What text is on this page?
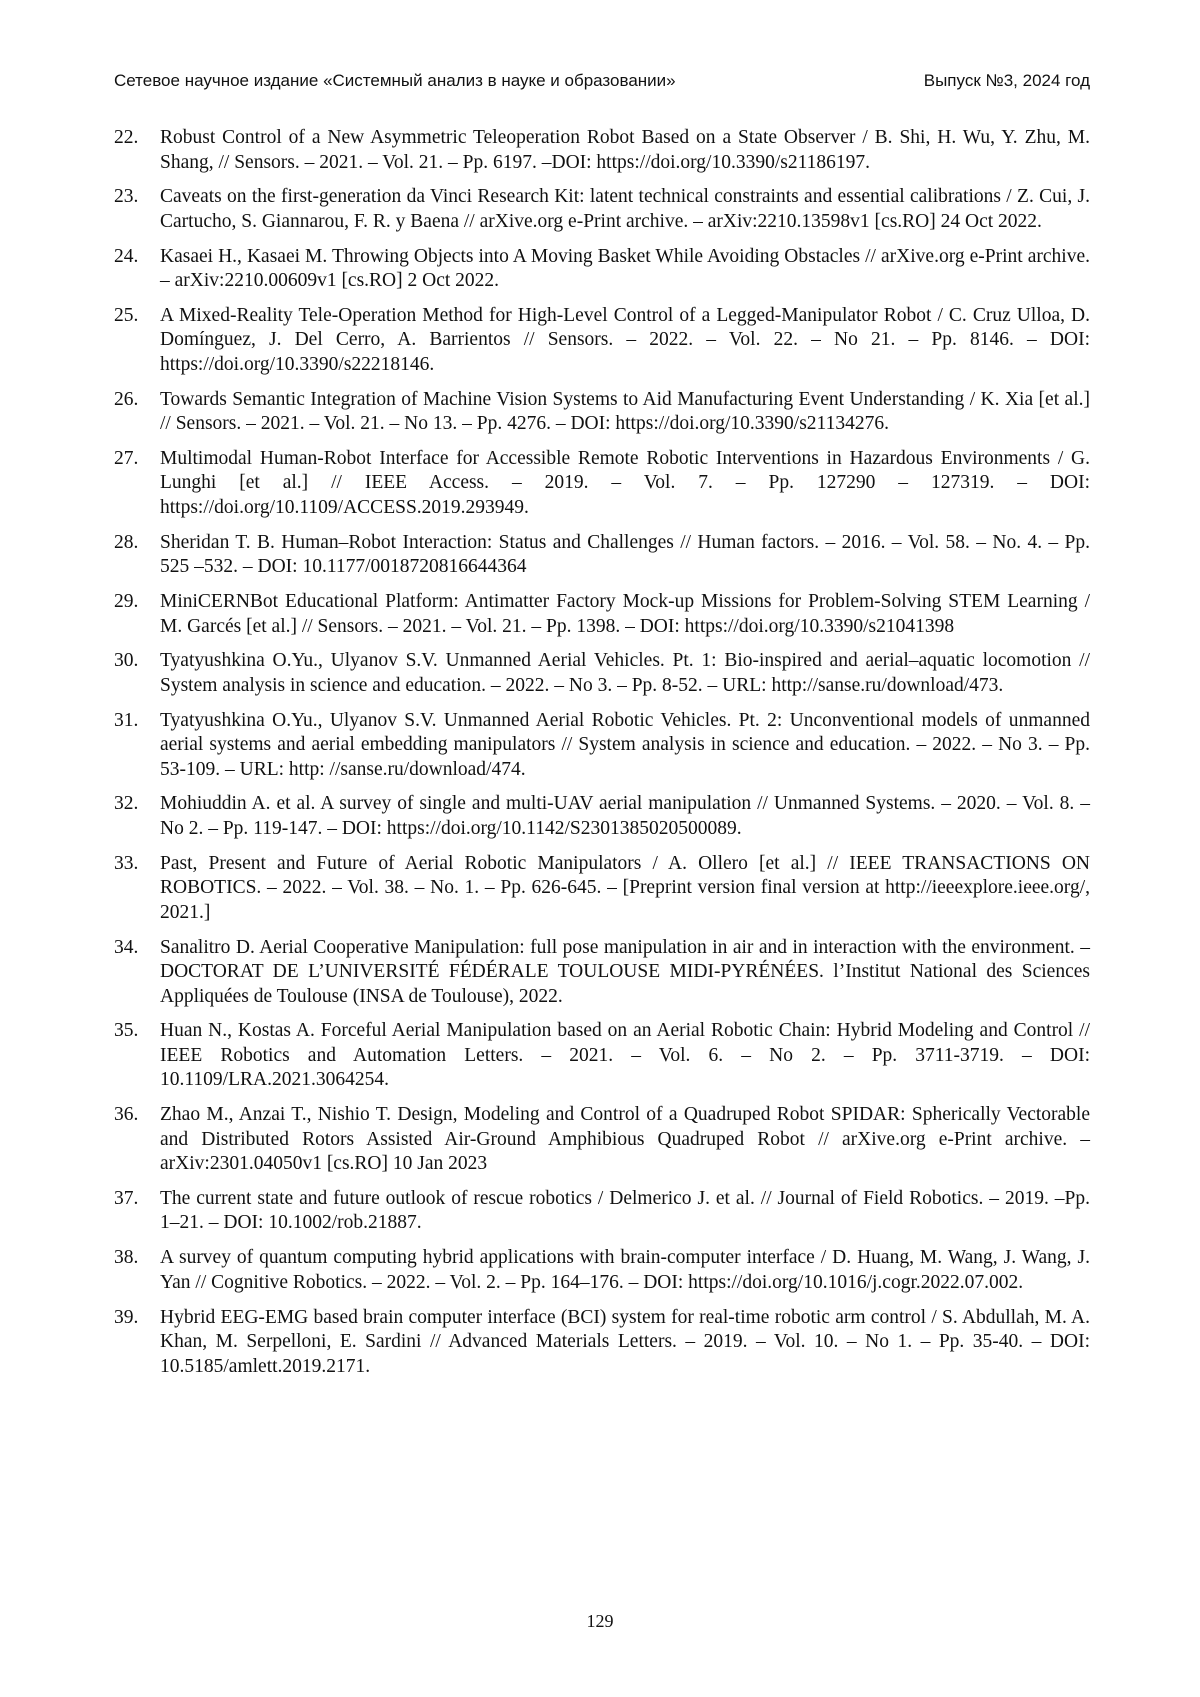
Сетевое научное издание «Системный анализ в науке и образовании»	Выпуск №3, 2024 год
22.	Robust Control of a New Asymmetric Teleoperation Robot Based on a State Observer / B. Shi, H. Wu, Y. Zhu, M. Shang, // Sensors. – 2021. – Vol. 21. – Pp. 6197. –DOI: https://doi.org/10.3390/s21186197.
23.	Caveats on the first-generation da Vinci Research Kit: latent technical constraints and essential calibrations / Z. Cui, J. Cartucho, S. Giannarou, F. R. y Baena // arXive.org e-Print archive. – arXiv:2210.13598v1 [cs.RO] 24 Oct 2022.
24.	Kasaei H., Kasaei M. Throwing Objects into A Moving Basket While Avoiding Obstacles // arXive.org e-Print archive. – arXiv:2210.00609v1 [cs.RO] 2 Oct 2022.
25.	A Mixed-Reality Tele-Operation Method for High-Level Control of a Legged-Manipulator Robot / C. Cruz Ulloa, D. Domínguez, J. Del Cerro, A. Barrientos // Sensors. – 2022. – Vol. 22. – No 21. – Pp. 8146. – DOI: https://doi.org/10.3390/s22218146.
26.	Towards Semantic Integration of Machine Vision Systems to Aid Manufacturing Event Understanding / K. Xia [et al.] // Sensors. – 2021. – Vol. 21. – No 13. – Pp. 4276. – DOI: https://doi.org/10.3390/s21134276.
27.	Multimodal Human-Robot Interface for Accessible Remote Robotic Interventions in Hazardous Environments / G. Lunghi [et al.] // IEEE Access. – 2019. – Vol. 7. – Pp. 127290 – 127319. – DOI: https://doi.org/10.1109/ACCESS.2019.293949.
28.	Sheridan T. B. Human–Robot Interaction: Status and Challenges // Human factors. – 2016. – Vol. 58. – No. 4. – Pp. 525 –532. – DOI: 10.1177/0018720816644364
29.	MiniCERNBot Educational Platform: Antimatter Factory Mock-up Missions for Problem-Solving STEM Learning / M. Garcés [et al.] // Sensors. – 2021. – Vol. 21. – Pp. 1398. – DOI: https://doi.org/10.3390/s21041398
30.	Tyatyushkina O.Yu., Ulyanov S.V. Unmanned Aerial Vehicles. Pt. 1: Bio-inspired and aerial–aquatic locomotion // System analysis in science and education. – 2022. – No 3. – Pp. 8-52. – URL: http://sanse.ru/download/473.
31.	Tyatyushkina O.Yu., Ulyanov S.V. Unmanned Aerial Robotic Vehicles. Pt. 2: Unconventional models of unmanned aerial systems and aerial embedding manipulators // System analysis in science and education. – 2022. – No 3. – Pp. 53-109. – URL: http: //sanse.ru/download/474.
32.	Mohiuddin A. et al. A survey of single and multi-UAV aerial manipulation // Unmanned Systems. – 2020. – Vol. 8. – No 2. – Pp. 119-147. – DOI: https://doi.org/10.1142/S2301385020500089.
33.	Past, Present and Future of Aerial Robotic Manipulators / A. Ollero [et al.] // IEEE TRANSACTIONS ON ROBOTICS. – 2022. – Vol. 38. – No. 1. – Pp. 626-645. – [Preprint version final version at http://ieeexplore.ieee.org/, 2021.]
34.	Sanalitro D. Aerial Cooperative Manipulation: full pose manipulation in air and in interaction with the environment. – DOCTORAT DE L’UNIVERSITÉ FÉDÉRALE TOULOUSE MIDI-PYRÉNÉES. l’Institut National des Sciences Appliquées de Toulouse (INSA de Toulouse), 2022.
35.	Huan N., Kostas A. Forceful Aerial Manipulation based on an Aerial Robotic Chain: Hybrid Modeling and Control // IEEE Robotics and Automation Letters. – 2021. – Vol. 6. – No 2. – Pp. 3711-3719. – DOI: 10.1109/LRA.2021.3064254.
36.	Zhao M., Anzai T., Nishio T. Design, Modeling and Control of a Quadruped Robot SPIDAR: Spherically Vectorable and Distributed Rotors Assisted Air-Ground Amphibious Quadruped Robot // arXive.org e-Print archive. – arXiv:2301.04050v1 [cs.RO] 10 Jan 2023
37.	The current state and future outlook of rescue robotics / Delmerico J. et al. // Journal of Field Robotics. – 2019. –Pp. 1–21. – DOI: 10.1002/rob.21887.
38.	A survey of quantum computing hybrid applications with brain-computer interface / D. Huang, M. Wang, J. Wang, J. Yan // Cognitive Robotics. – 2022. – Vol. 2. – Pp. 164–176. – DOI: https://doi.org/10.1016/j.cogr.2022.07.002.
39.	Hybrid EEG-EMG based brain computer interface (BCI) system for real-time robotic arm control / S. Abdullah, M. A. Khan, M. Serpelloni, E. Sardini // Advanced Materials Letters. – 2019. – Vol. 10. – No 1. – Pp. 35-40. – DOI: 10.5185/amlett.2019.2171.
129
